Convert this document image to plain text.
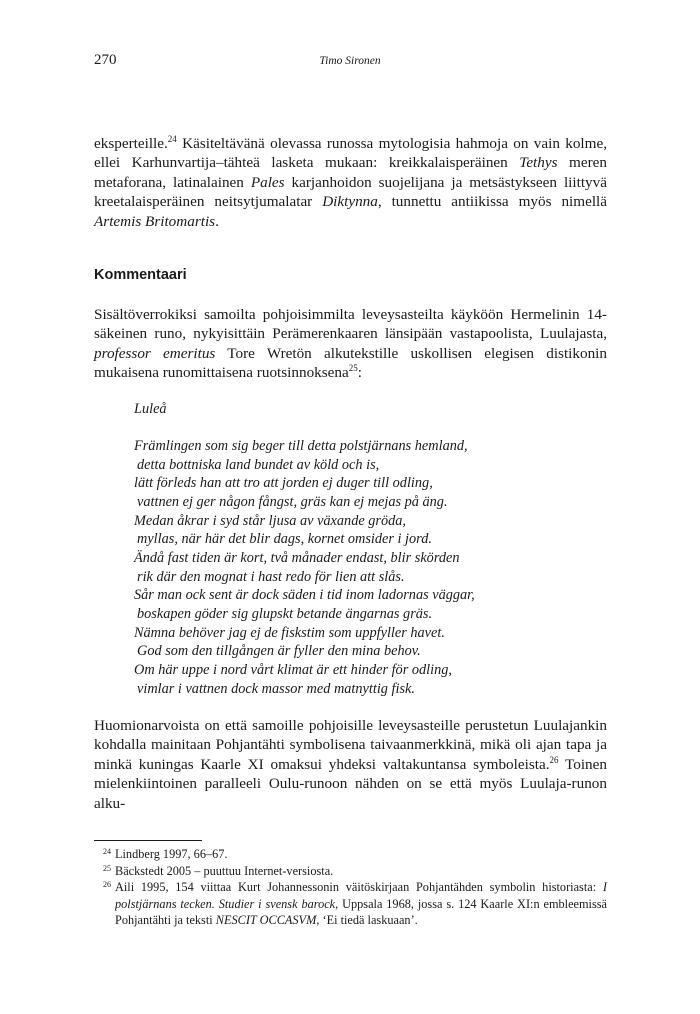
270	Timo Sironen
eksperteille.$^{24}$ Käsiteltävänä olevassa runossa mytologisia hahmoja on vain kolme, ellei Karhunvartija–tähteä lasketa mukaan: kreikkalaisperäinen Tethys meren metaforana, latinalainen Pales karjanhoidon suojelijana ja metsästykseen liittyvä kreetalaisperäinen neitsytjumalatar Diktynna, tunnettu antiikissa myös nimellä Artemis Britomartis.
Kommentaari
Sisältöverrokiksi samoilta pohjoisimmilta leveysasteilta käyköön Hermelinin 14-säkeinen runo, nykyisittäin Perämerenkaaren länsipään vastapoolista, Luulajasta, professor emeritus Tore Wretön alkutekstille uskollisen elegisen distikonin mukaisena runomittaisena ruotsinnoksena$^{25}$:
Luleå
Främlingen som sig beger till detta polstjärnans hemland,
detta bottniska land bundet av köld och is,
lätt förleds han att tro att jorden ej duger till odling,
vattnen ej ger någon fångst, gräs kan ej mejas på äng.
Medan åkrar i syd står ljusa av växande gröda,
myllas, när här det blir dags, kornet omsider i jord.
Ändå fast tiden är kort, två månader endast, blir skörden
rik där den mognat i hast redo för lien att slås.
Sår man ock sent är dock säden i tid inom ladornas väggar,
boskapen göder sig glupskt betande ängarnas gräs.
Nämna behöver jag ej de fiskstim som uppfyller havet.
God som den tillgången är fyller den mina behov.
Om här uppe i nord vårt klimat är ett hinder för odling,
vimlar i vattnen dock massor med matnyttig fisk.
Huomionarvoista on että samoille pohjoisille leveysasteille perustetun Luulajankin kohdalla mainitaan Pohjantähti symbolisena taivaanmerkkinä, mikä oli ajan tapa ja minkä kuningas Kaarle XI omaksui yhdeksi valtakuntansa symboleista.$^{26}$ Toinen mielenkiintoinen paralleeli Oulu-runoon nähden on se että myös Luulaja-runon alku-
24 Lindberg 1997, 66–67.
25 Bäckstedt 2005 – puuttuu Internet-versiosta.
26 Aili 1995, 154 viittaa Kurt Johannessonin väitöskirjaan Pohjantähden symbolin historiasta: I polstjärnans tecken. Studier i svensk barock, Uppsala 1968, jossa s. 124 Kaarle XI:n embleemissä Pohjantähti ja teksti NESCIT OCCASVM, ‘Ei tiedä laskuaan’.
